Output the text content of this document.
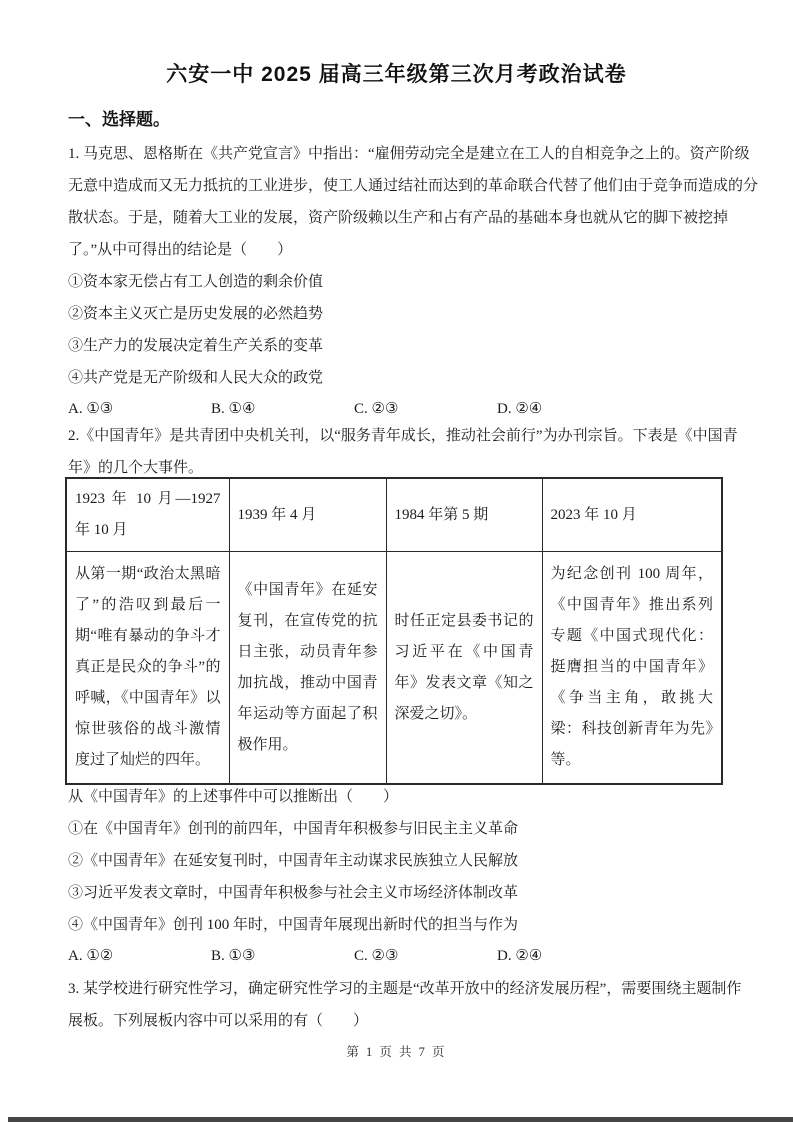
六安一中 2025 届高三年级第三次月考政治试卷
一、选择题。
1. 马克思、恩格斯在《共产党宣言》中指出：“雇佣劳动完全是建立在工人的自相竞争之上的。资产阶级
无意中造成而又无力抵抗的工业进步，使工人通过结社而达到的革命联合代替了他们由于竞争而造成的分
散状态。于是，随着大工业的发展，资产阶级赖以生产和占有产品的基础本身也就从它的脚下被挖掉
了。”从中可得出的结论是（　　）
①资本家无偿占有工人创造的剩余价值
②资本主义灭亡是历史发展的必然趋势
③生产力的发展决定着生产关系的变革
④共产党是无产阶级和人民大众的政党
A. ①③	B. ①④	C. ②③	D. ②④
2.《中国青年》是共青团中央机关刊，以“服务青年成长，推动社会前行”为办刊宗旨。下表是《中国青
年》的几个大事件。
1923 年 10 月—1927 年 10 月	1939 年 4 月	1984 年第 5 期	2023 年 10 月
从第一期“政治太黑暗了”的浩叹到最后一期“唯有暴动的争斗才真正是民众的争斗”的呼喊，《中国青年》以惊世骇俗的战斗激情度过了灿烂的四年。	《中国青年》在延安复刊，在宣传党的抗日主张，动员青年参加抗战，推动中国青年运动等方面起了积极作用。	时任正定县委书记的习近平在《中国青年》发表文章《知之深爱之切》。	为纪念创刊 100 周年，《中国青年》推出系列专题《中国式现代化：挺膺担当的中国青年》《争当主角，敢挑大梁：科技创新青年为先》等。
从《中国青年》的上述事件中可以推断出（　　）
①在《中国青年》创刊的前四年，中国青年积极参与旧民主主义革命
②《中国青年》在延安复刊时，中国青年主动谋求民族独立人民解放
③习近平发表文章时，中国青年积极参与社会主义市场经济体制改革
④《中国青年》创刊 100 年时，中国青年展现出新时代的担当与作为
A. ①②	B. ①③	C. ②③	D. ②④
3. 某学校进行研究性学习，确定研究性学习的主题是“改革开放中的经济发展历程”，需要围绕主题制作
展板。下列展板内容中可以采用的有（　　）
第 1 页 共 7 页
